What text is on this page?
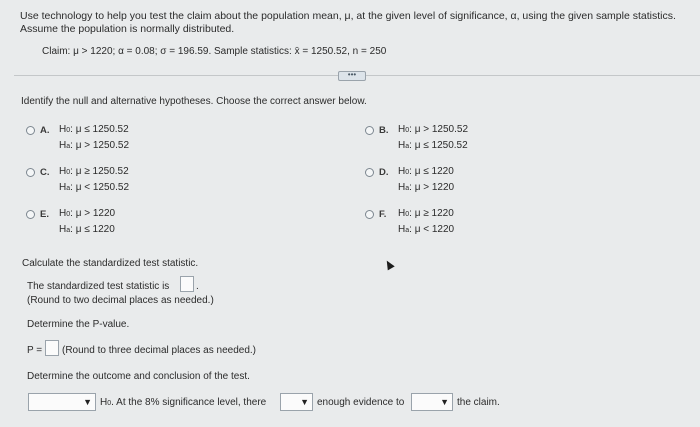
Use technology to help you test the claim about the population mean, μ, at the given level of significance, α, using the given sample statistics.
Assume the population is normally distributed.
Claim: μ > 1220; α = 0.08; σ = 196.59. Sample statistics: x̄ = 1250.52, n = 250
•••
Identify the null and alternative hypotheses. Choose the correct answer below.
A. H0: μ ≤ 1250.52
Ha: μ > 1250.52
B. H0: μ > 1250.52
Ha: μ ≤ 1250.52
C. H0: μ ≥ 1250.52
Ha: μ < 1250.52
D. H0: μ ≤ 1220
Ha: μ > 1220
E. H0: μ > 1220
Ha: μ ≤ 1220
F. H0: μ ≥ 1220
Ha: μ < 1220
Calculate the standardized test statistic.
The standardized test statistic is	.
(Round to two decimal places as needed.)
Determine the P-value.
P = (Round to three decimal places as needed.)
Determine the outcome and conclusion of the test.
▼ H0. At the 8% significance level, there	▼ enough evidence to	▼ the claim.
